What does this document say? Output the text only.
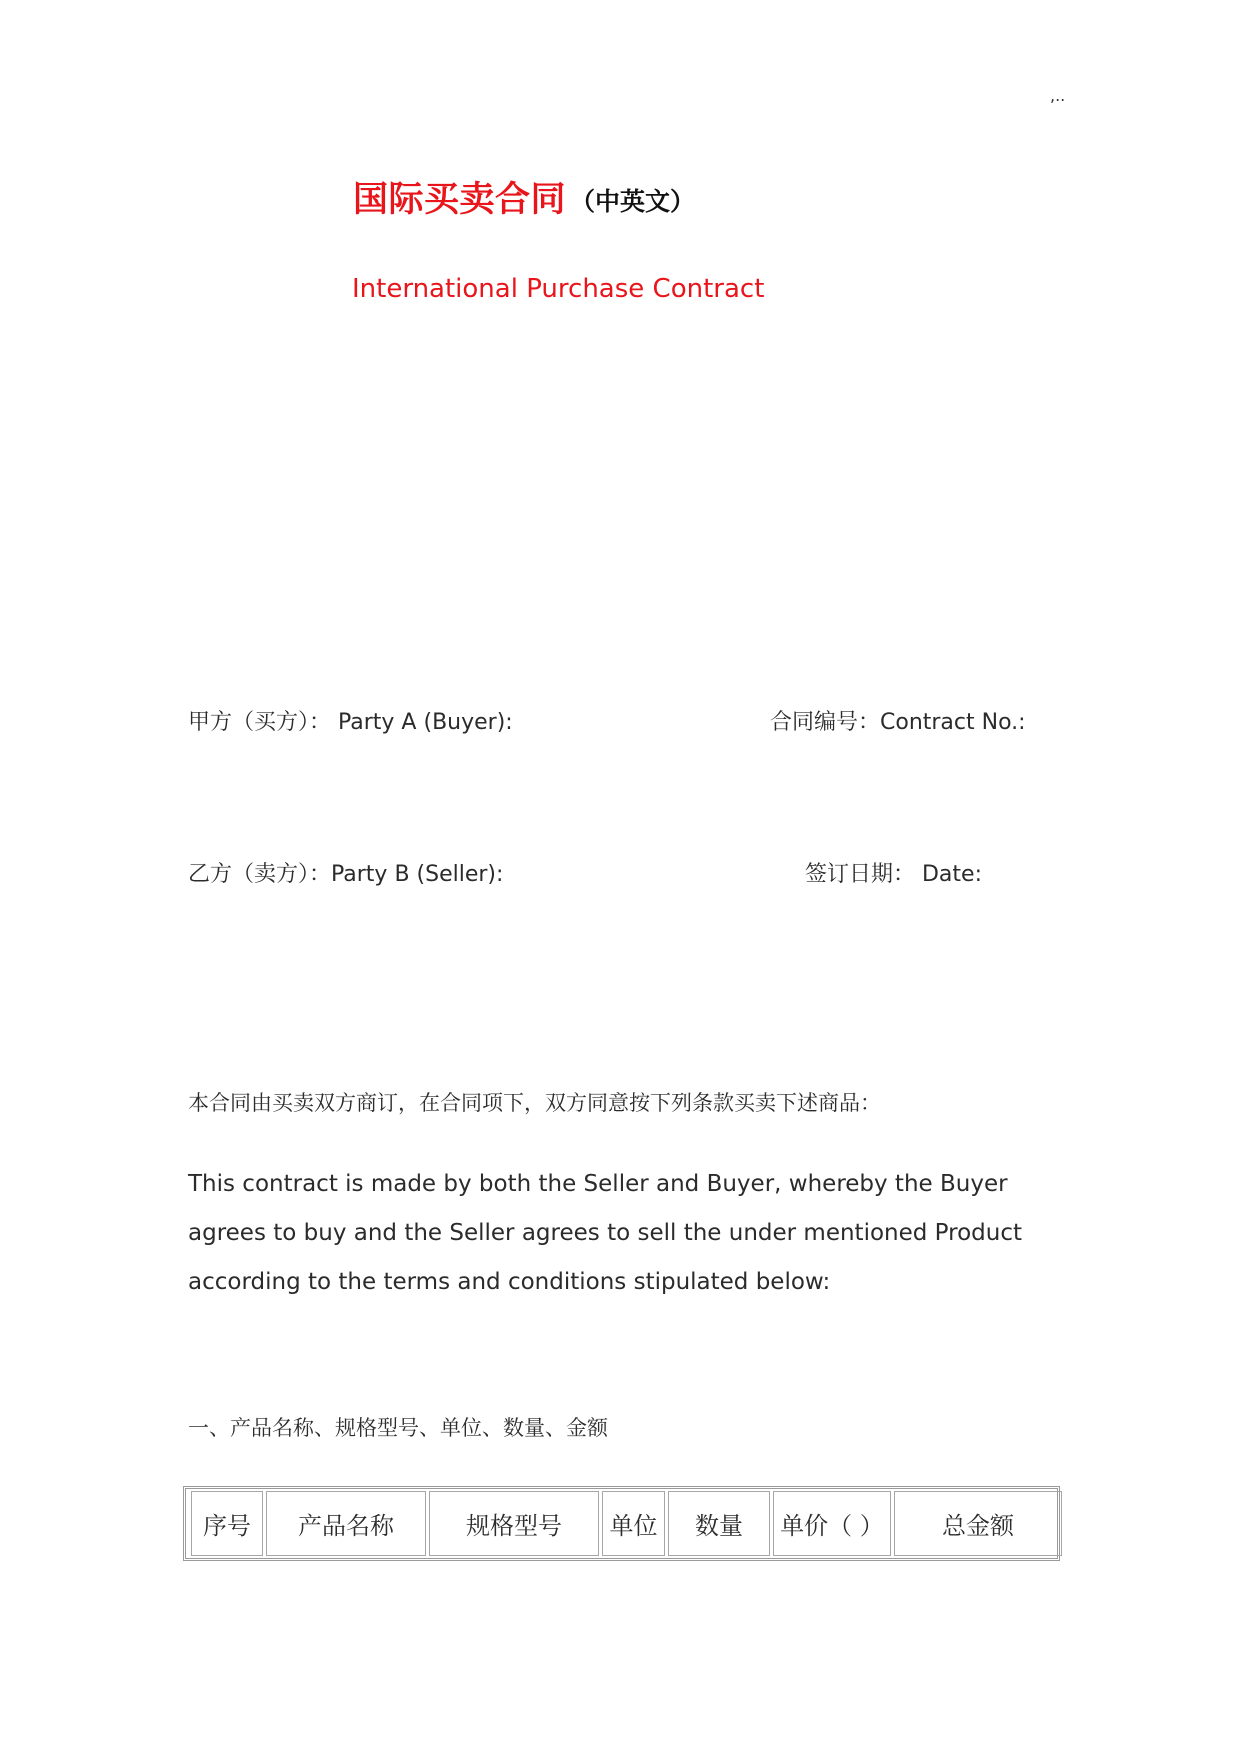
,..
国际买卖合同 （中英文）
International Purchase Contract
甲方（买方）： Party A (Buyer):	合同编号：Contract No.:
乙方（卖方）：Party B (Seller):	签订日期： Date:
本合同由买卖双方商订，在合同项下，双方同意按下列条款买卖下述商品：
This contract is made by both the Seller and Buyer, whereby the Buyer agrees to buy and the Seller agrees to sell the under mentioned Product according to the terms and conditions stipulated below:
一、产品名称、规格型号、单位、数量、金额
序号	产品名称	规格型号	单位	数量	单价（ ）	总金额
